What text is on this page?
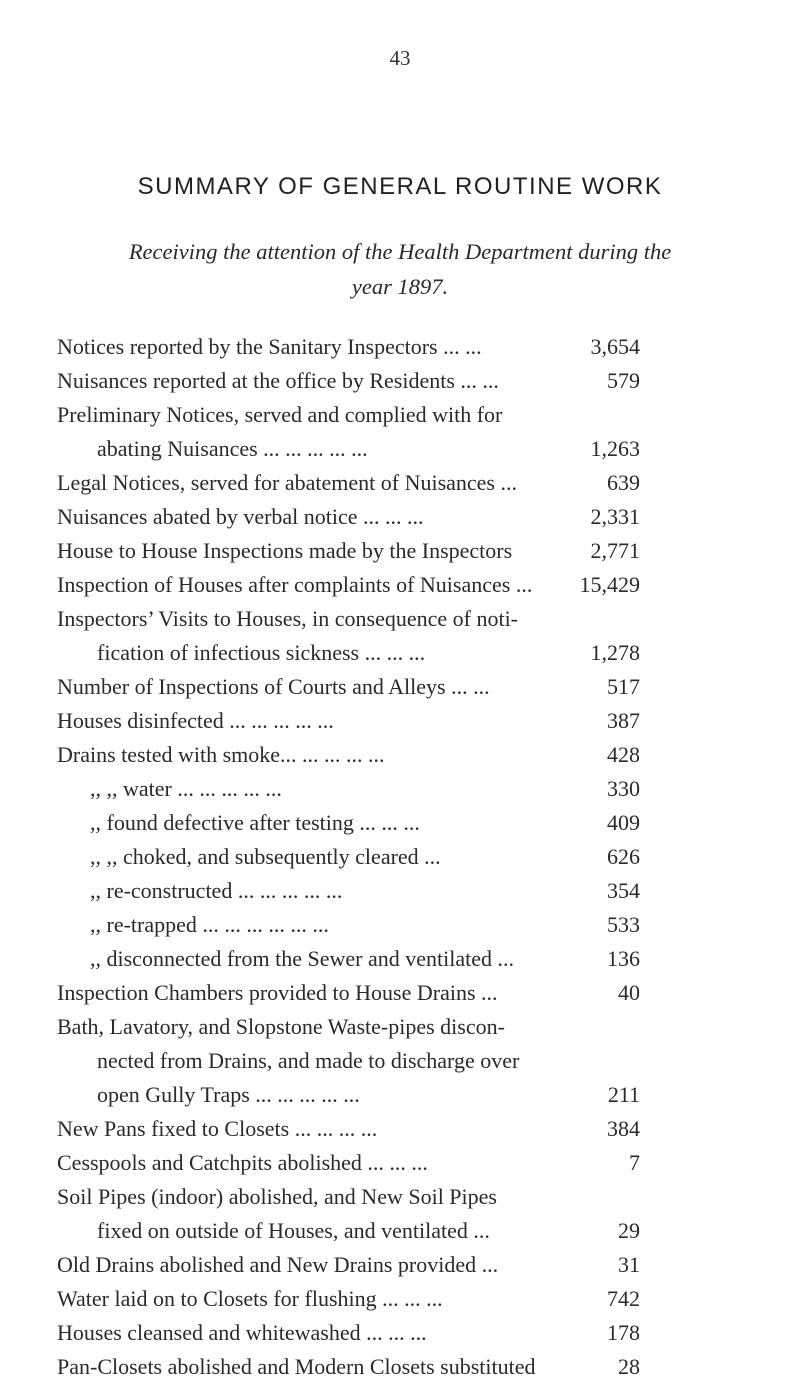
43
SUMMARY OF GENERAL ROUTINE WORK
Receiving the attention of the Health Department during the
year 1897.
Notices reported by the Sanitary Inspectors ... ...	3,654
Nuisances reported at the office by Residents ... ...	579
Preliminary Notices, served and complied with for
abating Nuisances ... ... ... ... ...	1,263
Legal Notices, served for abatement of Nuisances ...	639
Nuisances abated by verbal notice ... ... ...	2,331
House to House Inspections made by the Inspectors	2,771
Inspection of Houses after complaints of Nuisances ...	15,429
Inspectors’ Visits to Houses, in consequence of noti-
fication of infectious sickness ... ... ...	1,278
Number of Inspections of Courts and Alleys ... ...	517
Houses disinfected ... ... ... ... ...	387
Drains tested with smoke... ... ... ... ...	428
,, ,, water ... ... ... ... ...	330
,, found defective after testing ... ... ...	409
,, ,, choked, and subsequently cleared ...	626
,, re-constructed ... ... ... ... ...	354
,, re-trapped ... ... ... ... ... ...	533
,, disconnected from the Sewer and ventilated ...	136
Inspection Chambers provided to House Drains ...	40
Bath, Lavatory, and Slopstone Waste-pipes discon-
nected from Drains, and made to discharge over
open Gully Traps ... ... ... ... ...	211
New Pans fixed to Closets ... ... ... ...	384
Cesspools and Catchpits abolished ... ... ...	7
Soil Pipes (indoor) abolished, and New Soil Pipes
fixed on outside of Houses, and ventilated ...	29
Old Drains abolished and New Drains provided ...	31
Water laid on to Closets for flushing ... ... ...	742
Houses cleansed and whitewashed ... ... ...	178
Pan-Closets abolished and Modern Closets substituted	28
